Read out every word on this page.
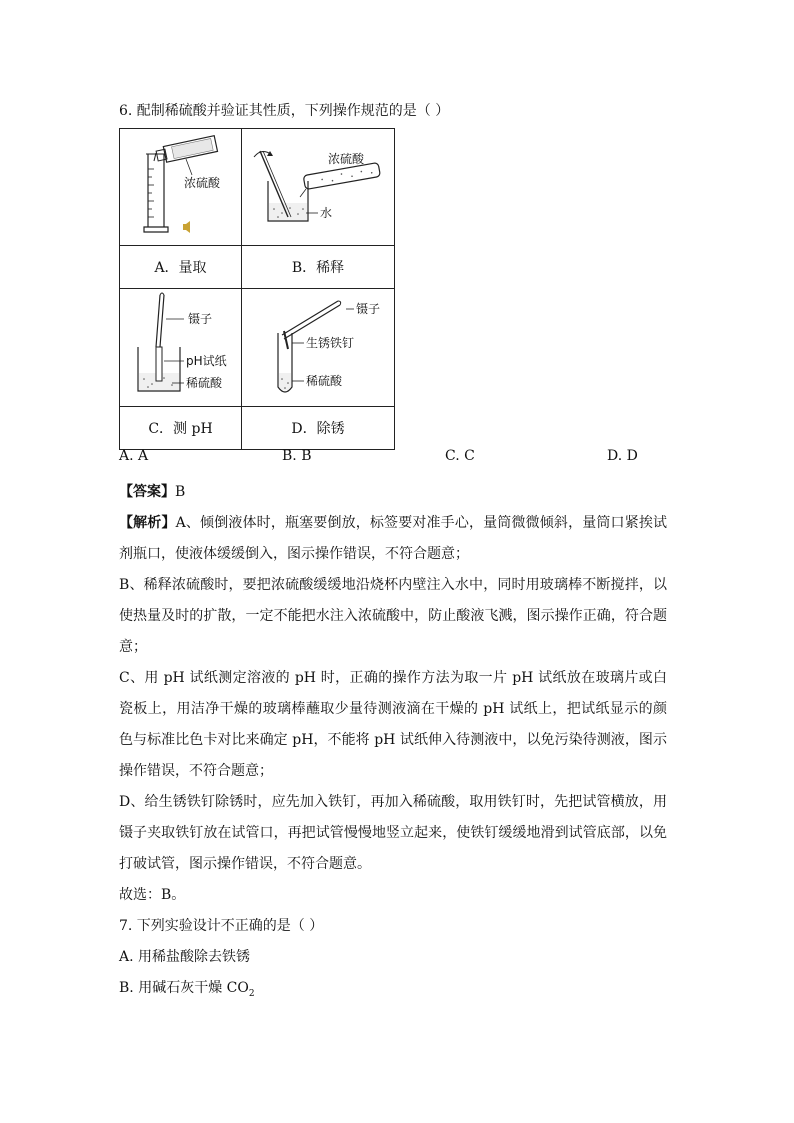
6. 配制稀硫酸并验证其性质，下列操作规范的是（ ）
浓硫酸	浓硫酸
水

A．量取	B．稀释

镊子
pH试纸
稀硫酸	镊子
生锈铁钉
稀硫酸

C．测 pH	D．除锈
A. A	B. B	C. C	D. D
【答案】B
【解析】A、倾倒液体时，瓶塞要倒放，标签要对准手心，量筒微微倾斜，量筒口紧挨试剂瓶口，使液体缓缓倒入，图示操作错误，不符合题意；
B、稀释浓硫酸时，要把浓硫酸缓缓地沿烧杯内壁注入水中，同时用玻璃棒不断搅拌，以使热量及时的扩散，一定不能把水注入浓硫酸中，防止酸液飞溅，图示操作正确，符合题意；
C、用 pH 试纸测定溶液的 pH 时，正确的操作方法为取一片 pH 试纸放在玻璃片或白瓷板上，用洁净干燥的玻璃棒蘸取少量待测液滴在干燥的 pH 试纸上，把试纸显示的颜色与标准比色卡对比来确定 pH，不能将 pH 试纸伸入待测液中，以免污染待测液，图示操作错误，不符合题意；
D、给生锈铁钉除锈时，应先加入铁钉，再加入稀硫酸，取用铁钉时，先把试管横放，用镊子夹取铁钉放在试管口，再把试管慢慢地竖立起来，使铁钉缓缓地滑到试管底部，以免打破试管，图示操作错误，不符合题意。
故选：B。
7. 下列实验设计不正确的是（ ）
A. 用稀盐酸除去铁锈
B. 用碱石灰干燥 $CO_2$
